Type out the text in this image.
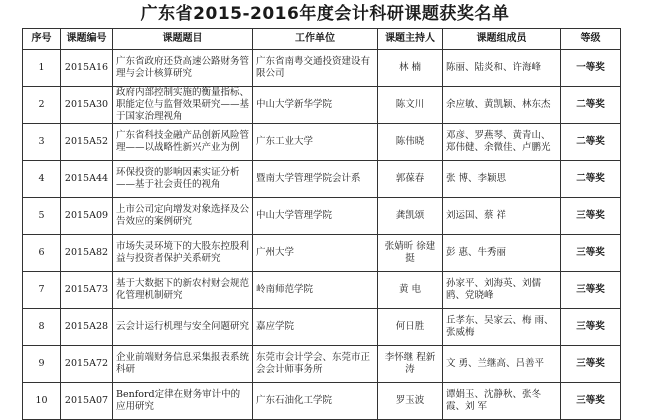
广东省2015-2016年度会计科研课题获奖名单
序号	课题编号	课题题目	工作单位	课题主持人	课题组成员	等级
1	2015A16	广东省政府还贷高速公路财务管理与会计核算研究	广东省南粤交通投资建设有限公司	林 楠	陈丽、陆炎和、许海峰	一等奖
2	2015A30	政府内部控制实施的衡量指标、职能定位与监督效果研究——基于国家治理视角	中山大学新华学院	陈文川	余应敏、黄凯颖、林东杰	二等奖
3	2015A52	广东省科技金融产品创新风险管理——以战略性新兴产业为例	广东工业大学	陈伟晓	邓彦、罗燕琴、黄青山、郑伟健、余微佳、卢鹏光	二等奖
4	2015A44	环保投资的影响因素实证分析——基于社会责任的视角	暨南大学管理学院会计系	郭葆春	张 博、李颖思	二等奖
5	2015A09	上市公司定向增发对象选择及公告效应的案例研究	中山大学管理学院	龚凯颂	刘运国、蔡 祥	三等奖
6	2015A82	市场失灵环境下的大股东控股利益与投资者保护关系研究	广州大学	张婧昕 徐建挺	彭 惠、牛秀丽	三等奖
7	2015A73	基于大数据下的新农村财会规范化管理机制研究	岭南师范学院	黄 电	孙家平、刘海英、刘儒鸥、党晓峰	三等奖
8	2015A28	云会计运行机理与安全问题研究	嘉应学院	何日胜	丘孝东、吴家云、梅 雨、张威梅	三等奖
9	2015A72	企业前端财务信息采集报表系统科研	东莞市会计学会、东莞市正会会计师事务所	李怀继 程新涛	文 勇、兰继高、吕善平	三等奖
10	2015A07	Benford定律在财务审计中的应用研究	广东石油化工学院	罗玉波	谭娟玉、沈静秋、张冬霞、刘 军	三等奖
